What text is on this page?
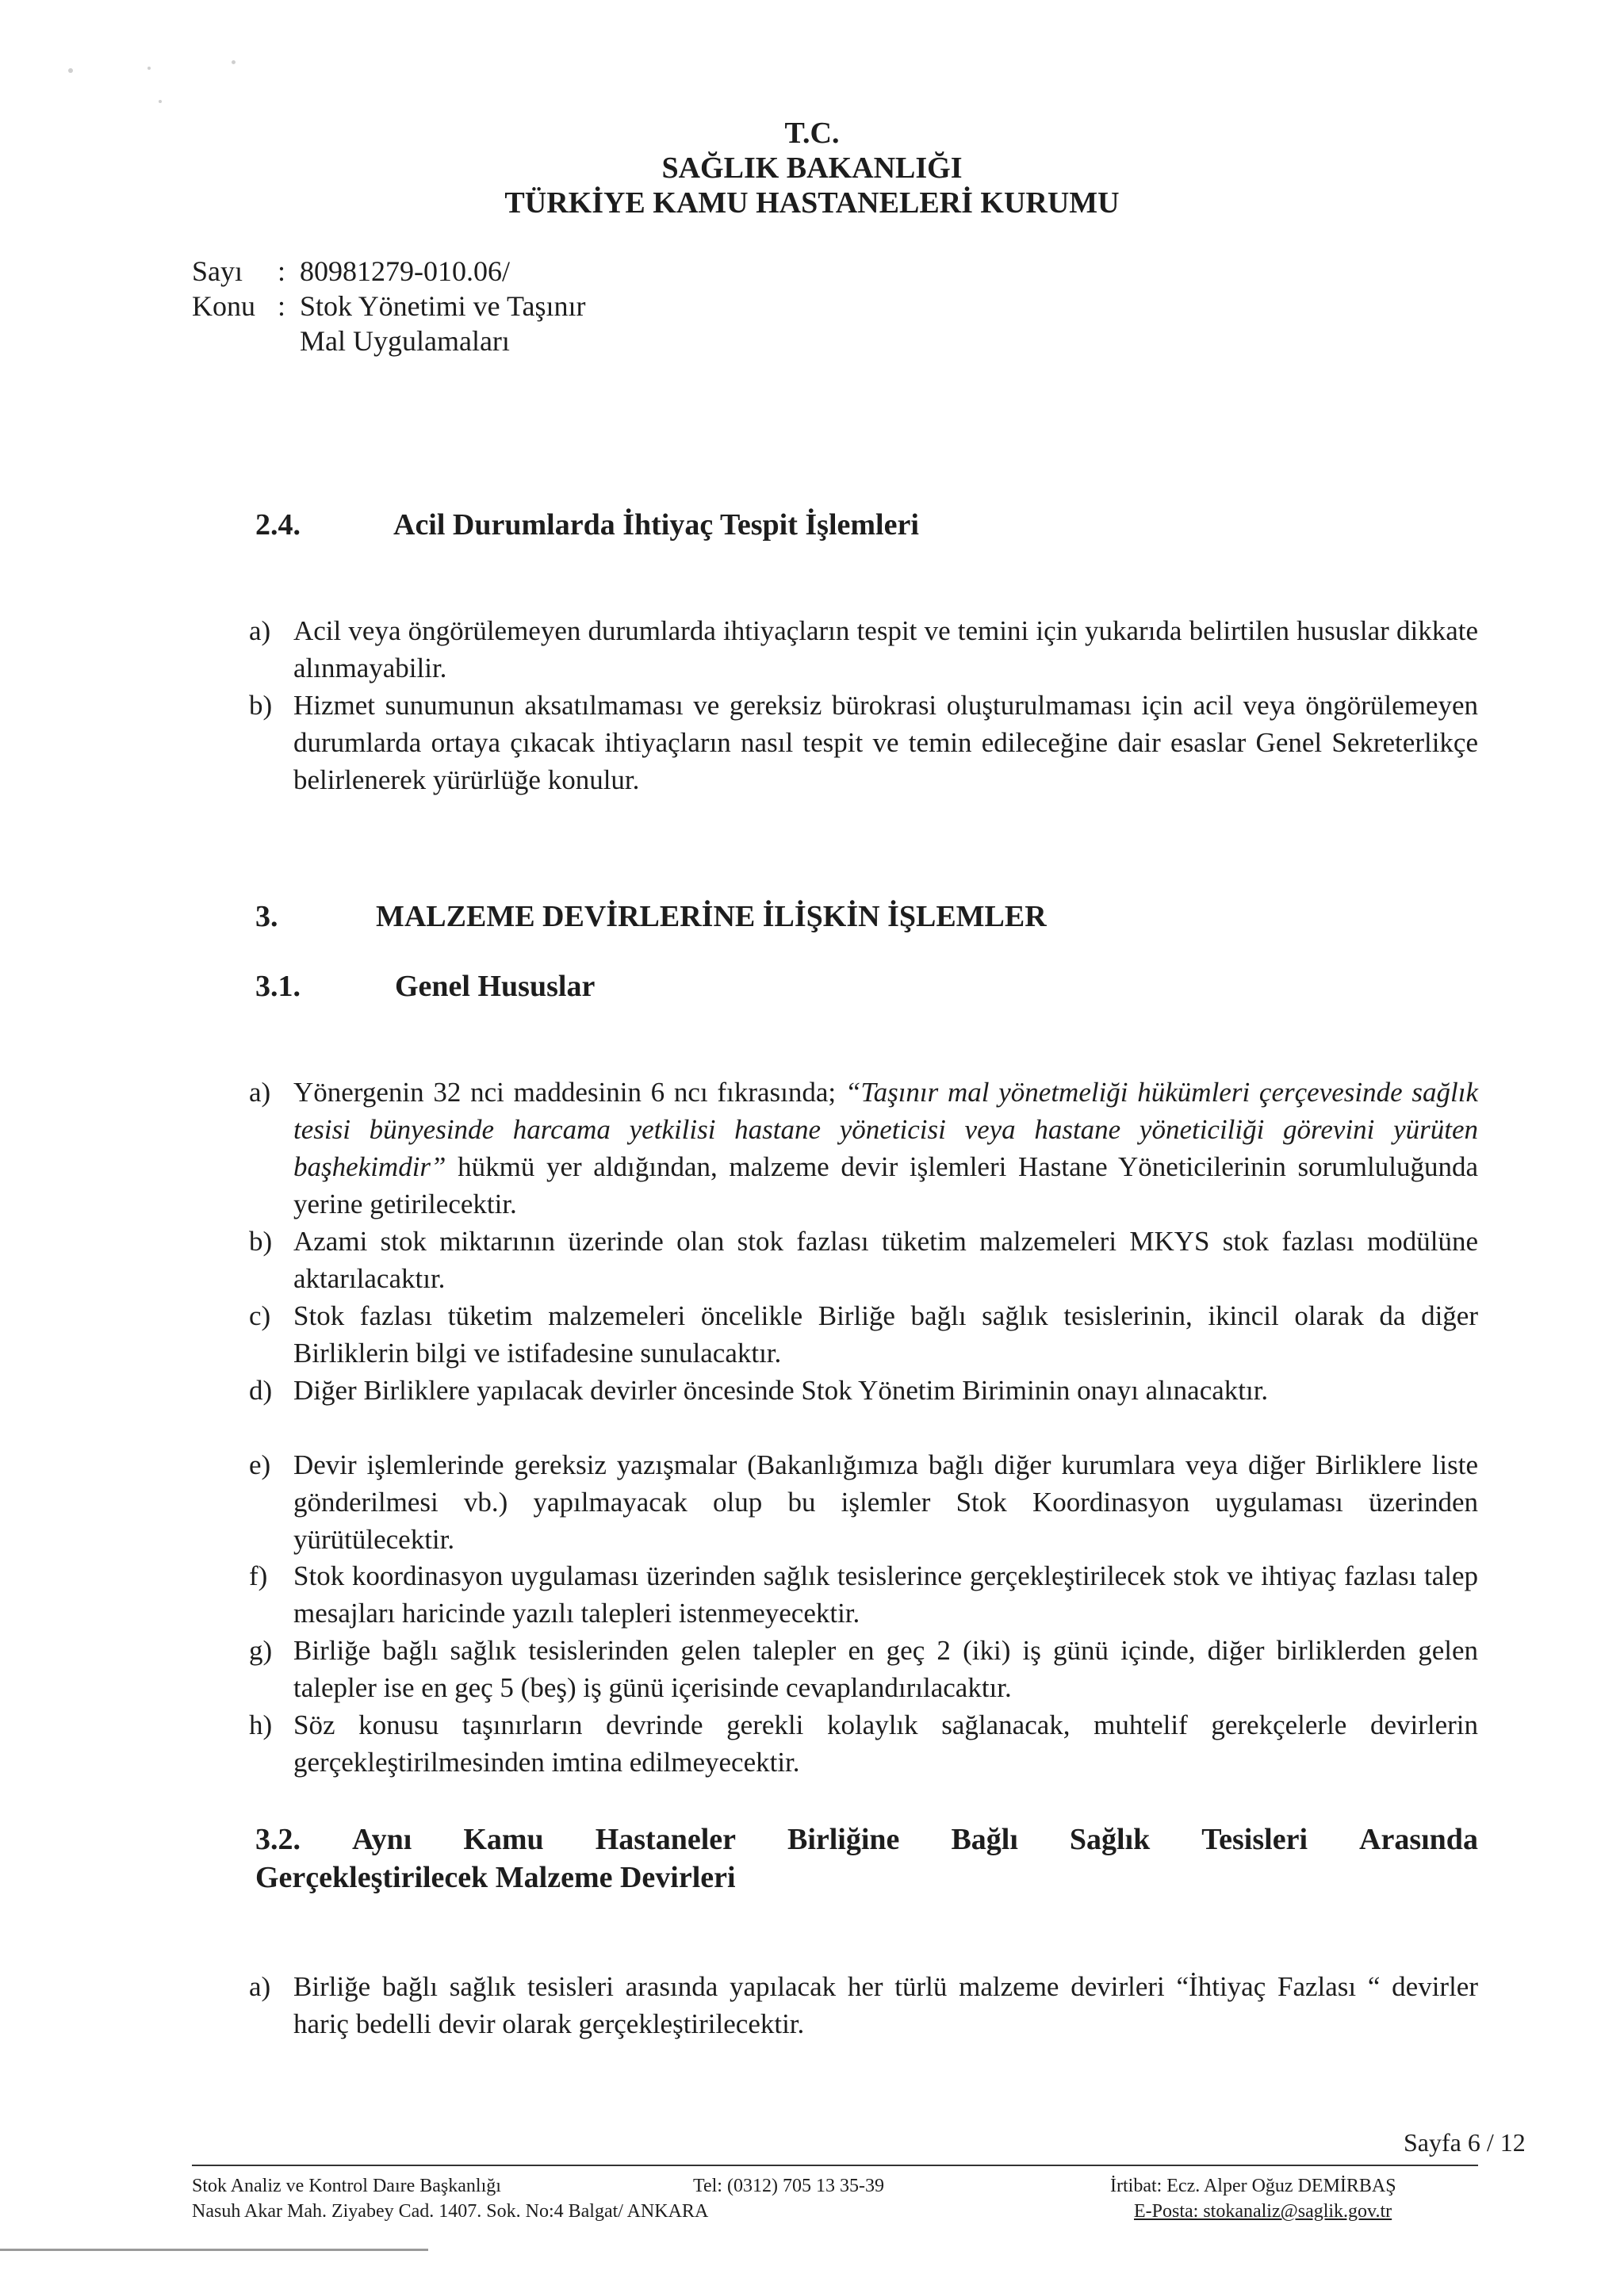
T.C.
SAĞLIK BAKANLIĞI
TÜRKİYE KAMU HASTANELERİ KURUMU
Sayı	: 80981279-010.06/
Konu : Stok Yönetimi ve Taşınır
Mal Uygulamaları
2.4.	Acil Durumlarda İhtiyaç Tespit İşlemleri
a) Acil veya öngörülemeyen durumlarda ihtiyaçların tespit ve temini için yukarıda belirtilen hususlar dikkate alınmayabilir.
b) Hizmet sunumunun aksatılmaması ve gereksiz bürokrasi oluşturulmaması için acil veya öngörülemeyen durumlarda ortaya çıkacak ihtiyaçların nasıl tespit ve temin edileceğine dair esaslar Genel Sekreterlikçe belirlenerek yürürlüğe konulur.
3.	MALZEME DEVİRLERİNE İLİŞKİN İŞLEMLER
3.1.	Genel Hususlar
a) Yönergenin 32 nci maddesinin 6 ncı fıkrasında; “Taşınır mal yönetmeliği hükümleri çerçevesinde sağlık tesisi bünyesinde harcama yetkilisi hastane yöneticisi veya hastane yöneticiliği görevini yürüten başhekimdir” hükmü yer aldığından, malzeme devir işlemleri Hastane Yöneticilerinin sorumluluğunda yerine getirilecektir.
b) Azami stok miktarının üzerinde olan stok fazlası tüketim malzemeleri MKYS stok fazlası modülüne aktarılacaktır.
c) Stok fazlası tüketim malzemeleri öncelikle Birliğe bağlı sağlık tesislerinin, ikincil olarak da diğer Birliklerin bilgi ve istifadesine sunulacaktır.
d) Diğer Birliklere yapılacak devirler öncesinde Stok Yönetim Biriminin onayı alınacaktır.
e) Devir işlemlerinde gereksiz yazışmalar (Bakanlığımıza bağlı diğer kurumlara veya diğer Birliklere liste gönderilmesi vb.) yapılmayacak olup bu işlemler Stok Koordinasyon uygulaması üzerinden yürütülecektir.
f) Stok koordinasyon uygulaması üzerinden sağlık tesislerince gerçekleştirilecek stok ve ihtiyaç fazlası talep mesajları haricinde yazılı talepleri istenmeyecektir.
g) Birliğe bağlı sağlık tesislerinden gelen talepler en geç 2 (iki) iş günü içinde, diğer birliklerden gelen talepler ise en geç 5 (beş) iş günü içerisinde cevaplandırılacaktır.
h) Söz konusu taşınırların devrinde gerekli kolaylık sağlanacak, muhtelif gerekçelerle devirlerin gerçekleştirilmesinden imtina edilmeyecektir.
3.2. Aynı Kamu Hastaneler Birliğine Bağlı Sağlık Tesisleri Arasında
Gerçekleştirilecek Malzeme Devirleri
a) Birliğe bağlı sağlık tesisleri arasında yapılacak her türlü malzeme devirleri “İhtiyaç Fazlası “ devirler hariç bedelli devir olarak gerçekleştirilecektir.
Sayfa 6 / 12
Stok Analiz ve Kontrol Daıre Başkanlığı
Nasuh Akar Mah. Ziyabey Cad. 1407. Sok. No:4 Balgat/ ANKARA
Tel: (0312) 705 13 35-39	İrtibat: Ecz. Alper Oğuz DEMİRBAŞ
E-Posta: stokanaliz@saglik.gov.tr
